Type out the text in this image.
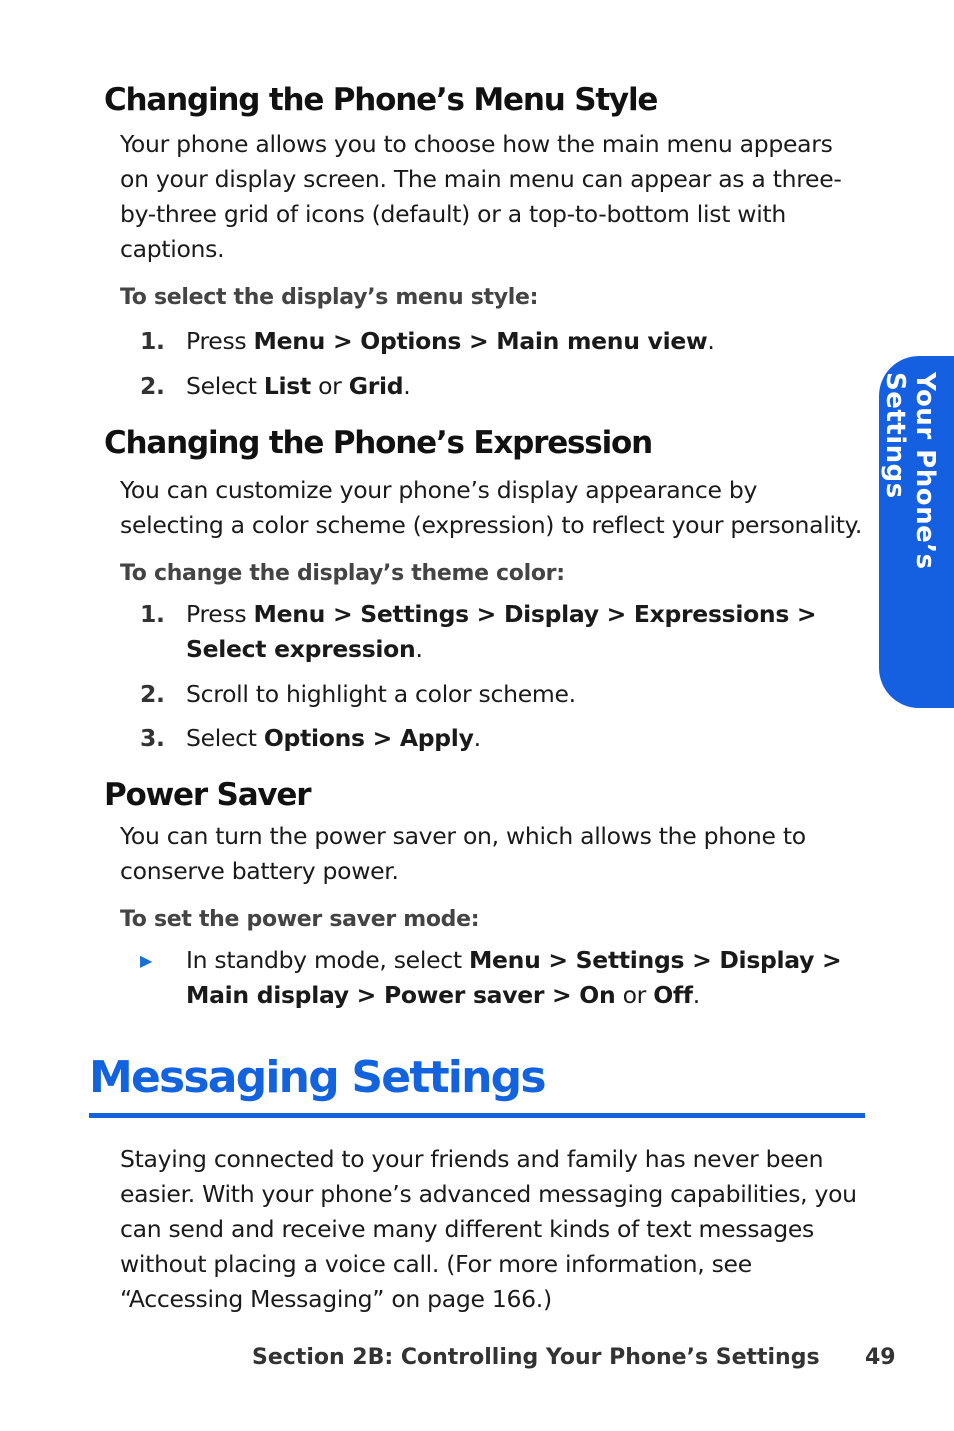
Changing the Phone’s Menu Style

Your phone allows you to choose how the main menu appears on your display screen. The main menu can appear as a three-by-three grid of icons (default) or a top-to-bottom list with captions.

To select the display’s menu style:

1. Press Menu > Options > Main menu view.
2. Select List or Grid.
Changing the Phone’s Expression

You can customize your phone’s display appearance by selecting a color scheme (expression) to reflect your personality.

To change the display’s theme color:

1. Press Menu > Settings > Display > Expressions > Select expression.
2. Scroll to highlight a color scheme.
3. Select Options > Apply.
Power Saver

You can turn the power saver on, which allows the phone to conserve battery power.

To set the power saver mode:

▶	In standby mode, select Menu > Settings > Display > Main display > Power saver > On or Off.
Messaging Settings

Staying connected to your friends and family has never been easier. With your phone’s advanced messaging capabilities, you can send and receive many different kinds of text messages without placing a voice call. (For more information, see “Accessing Messaging” on page 166.)

Your Phone’s Settings

Section 2B: Controlling Your Phone’s Settings 49
